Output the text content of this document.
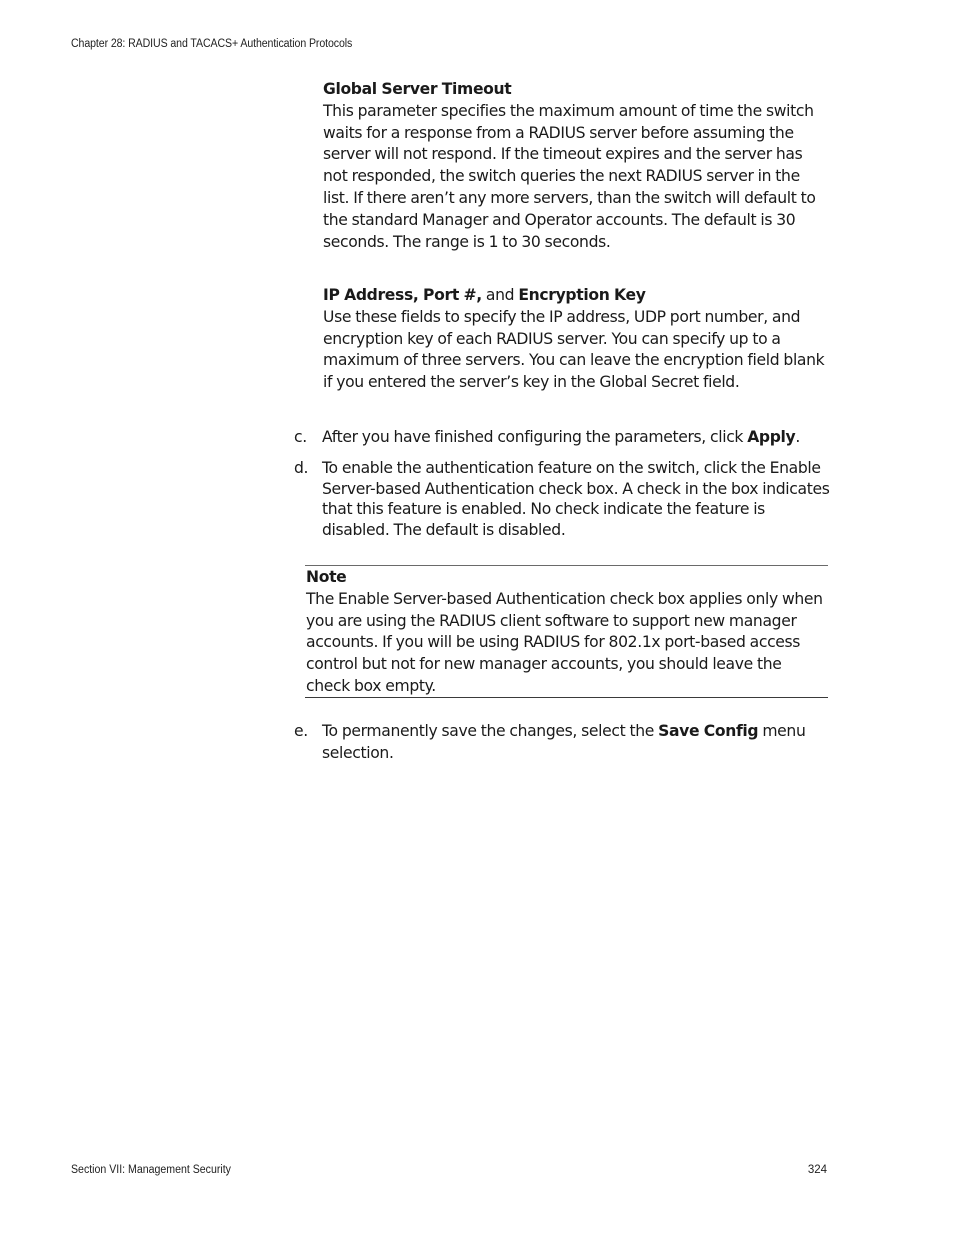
Chapter 28: RADIUS and TACACS+ Authentication Protocols

Global Server Timeout

This parameter specifies the maximum amount of time the switch waits for a response from a RADIUS server before assuming the server will not respond. If the timeout expires and the server has not responded, the switch queries the next RADIUS server in the list. If there aren’t any more servers, than the switch will default to the standard Manager and Operator accounts. The default is 30 seconds. The range is 1 to 30 seconds.

IP Address, Port #, and Encryption Key

Use these fields to specify the IP address, UDP port number, and encryption key of each RADIUS server. You can specify up to a maximum of three servers. You can leave the encryption field blank if you entered the server’s key in the Global Secret field.

c. After you have finished configuring the parameters, click Apply.
d. To enable the authentication feature on the switch, click the Enable Server-based Authentication check box. A check in the box indicates that this feature is enabled. No check indicate the feature is disabled. The default is disabled.

Note

The Enable Server-based Authentication check box applies only when you are using the RADIUS client software to support new manager accounts. If you will be using RADIUS for 802.1x port-based access control but not for new manager accounts, you should leave the check box empty.

e. To permanently save the changes, select the Save Config menu selection.
Section VII: Management Security	324
